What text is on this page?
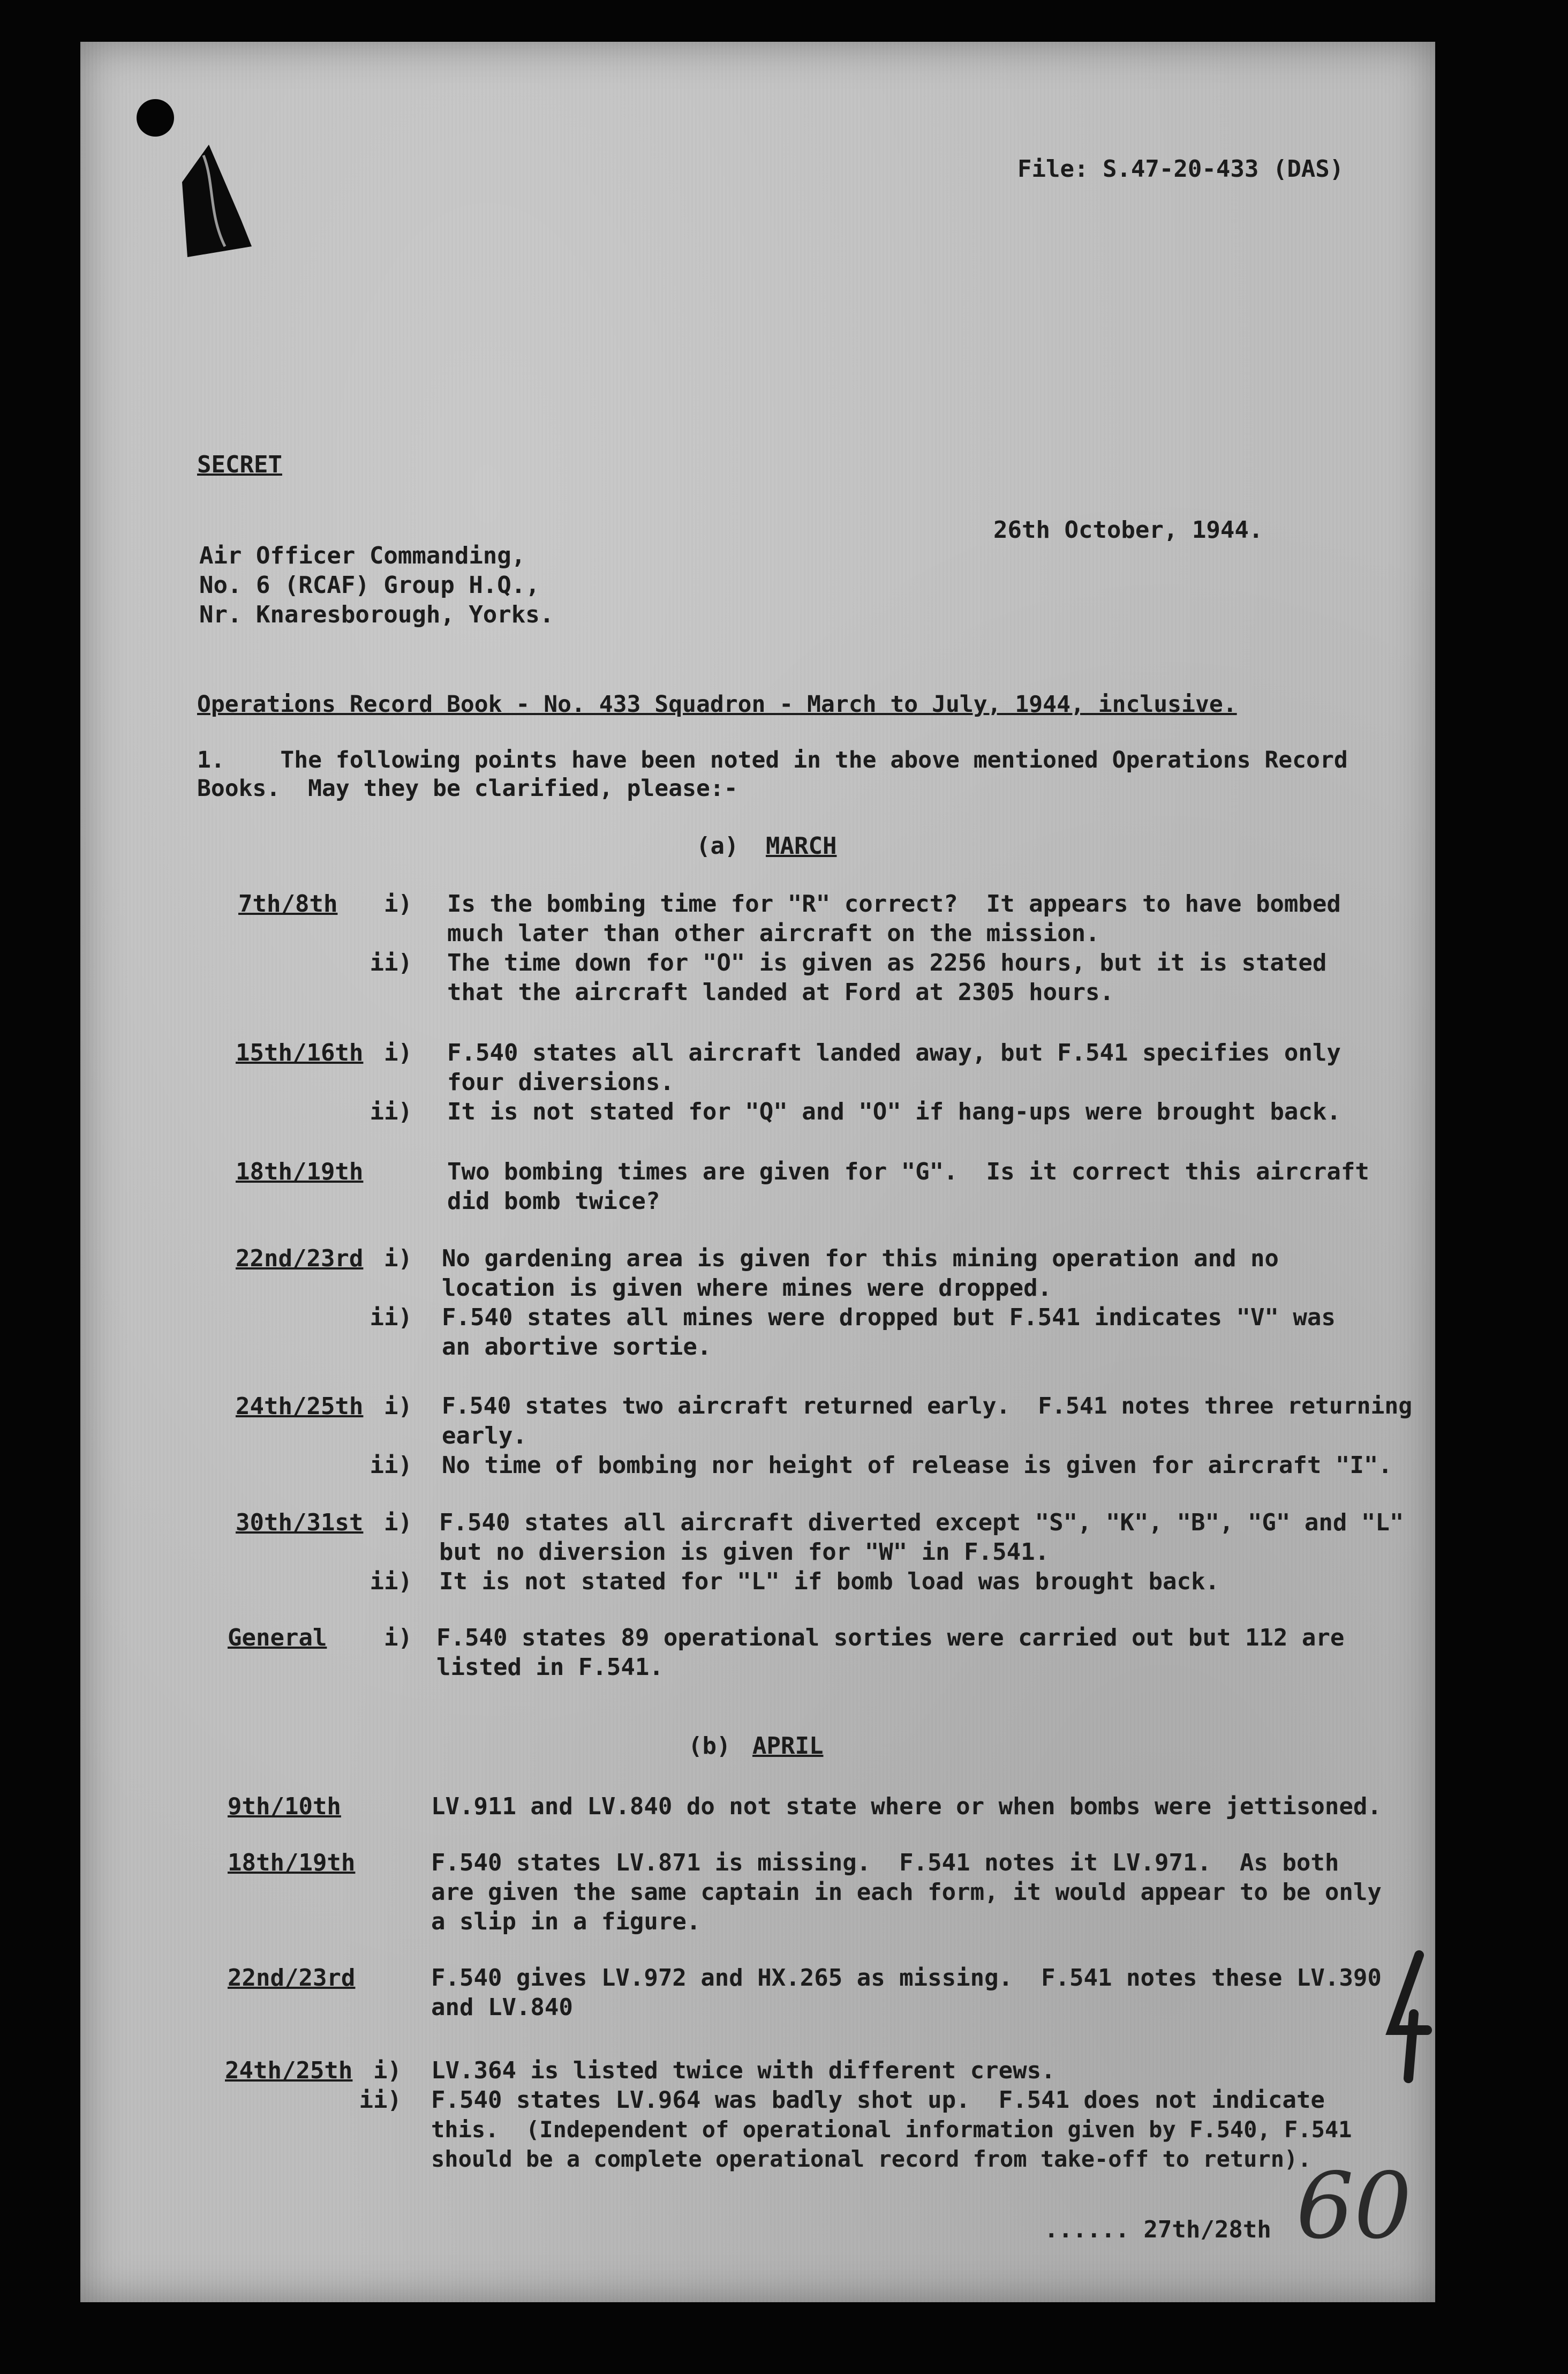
File: S.47-20-433 (DAS)
SECRET
26th October, 1944.
Air Officer Commanding,
No. 6 (RCAF) Group H.Q.,
Nr. Knaresborough, Yorks.
Operations Record Book - No. 433 Squadron - March to July, 1944, inclusive.
1.    The following points have been noted in the above mentioned Operations Record
Books.  May they be clarified, please:-
(a) MARCH
7th/8th	i) Is the bombing time for "R" correct?  It appears to have bombed
much later than other aircraft on the mission.
ii) The time down for "O" is given as 2256 hours, but it is stated
that the aircraft landed at Ford at 2305 hours.
15th/16th i) F.540 states all aircraft landed away, but F.541 specifies only
four diversions.
ii) It is not stated for "Q" and "O" if hang-ups were brought back.
18th/19th	Two bombing times are given for "G".  Is it correct this aircraft
did bomb twice?
22nd/23rd i) No gardening area is given for this mining operation and no
location is given where mines were dropped.
ii) F.540 states all mines were dropped but F.541 indicates "V" was
an abortive sortie.
24th/25th i) F.540 states two aircraft returned early.  F.541 notes three returning
early.
ii) No time of bombing nor height of release is given for aircraft "I".
30th/31st i) F.540 states all aircraft diverted except "S", "K", "B", "G" and "L"
but no diversion is given for "W" in F.541.
ii) It is not stated for "L" if bomb load was brought back.
General	i) F.540 states 89 operational sorties were carried out but 112 are
listed in F.541.
(b) APRIL
9th/10th	LV.911 and LV.840 do not state where or when bombs were jettisoned.
18th/19th	F.540 states LV.871 is missing.  F.541 notes it LV.971.  As both
are given the same captain in each form, it would appear to be only
a slip in a figure.
22nd/23rd	F.540 gives LV.972 and HX.265 as missing.  F.541 notes these LV.390
and LV.840
24th/25th i) LV.364 is listed twice with different crews.
ii) F.540 states LV.964 was badly shot up.  F.541 does not indicate
this.  (Independent of operational information given by F.540, F.541
should be a complete operational record from take-off to return).
...... 27th/28th 60
